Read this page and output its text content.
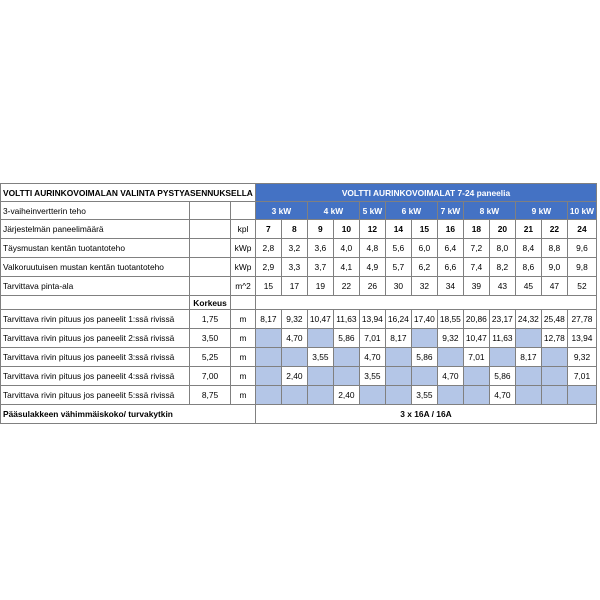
VOLTTI AURINKOVOIMALAN VALINTA PYSTYASENNUKSELLA			VOLTTI AURINKOVOIMALAT 7-24 paneelia												
3-vaiheinvertterin teho			3 kW		4 kW		5 kW	6 kW		7 kW	8 kW		9 kW		10 kW
Järjestelmän paneelimäärä		kpl	7	8	9	10	12	14	15	16	18	20	21	22	24
Täysmustan kentän tuotantoteho		kWp	2,8	3,2	3,6	4,0	4,8	5,6	6,0	6,4	7,2	8,0	8,4	8,8	9,6
Valkoruutuisen mustan kentän tuotantoteho		kWp	2,9	3,3	3,7	4,1	4,9	5,7	6,2	6,6	7,4	8,2	8,6	9,0	9,8
Tarvittava pinta-ala		m^2	15	17	19	22	26	30	32	34	39	43	45	47	52
	Korkeus														
Tarvittava rivin pituus jos paneelit 1:ssä rivissä	1,75	m	8,17	9,32	10,47	11,63	13,94	16,24	17,40	18,55	20,86	23,17	24,32	25,48	27,78
Tarvittava rivin pituus jos paneelit 2:ssä rivissä	3,50	m		4,70		5,86	7,01	8,17		9,32	10,47	11,63		12,78	13,94
Tarvittava rivin pituus jos paneelit 3:ssä rivissä	5,25	m			3,55		4,70		5,86		7,01		8,17		9,32
Tarvittava rivin pituus jos paneelit 4:ssä rivissä	7,00	m		2,40			3,55			4,70		5,86			7,01
Tarvittava rivin pituus jos paneelit 5:ssä rivissä	8,75	m				2,40			3,55			4,70			
Pääsulakkeen vähimmäiskoko/ turvakytkin			3 x 16A / 16A												
